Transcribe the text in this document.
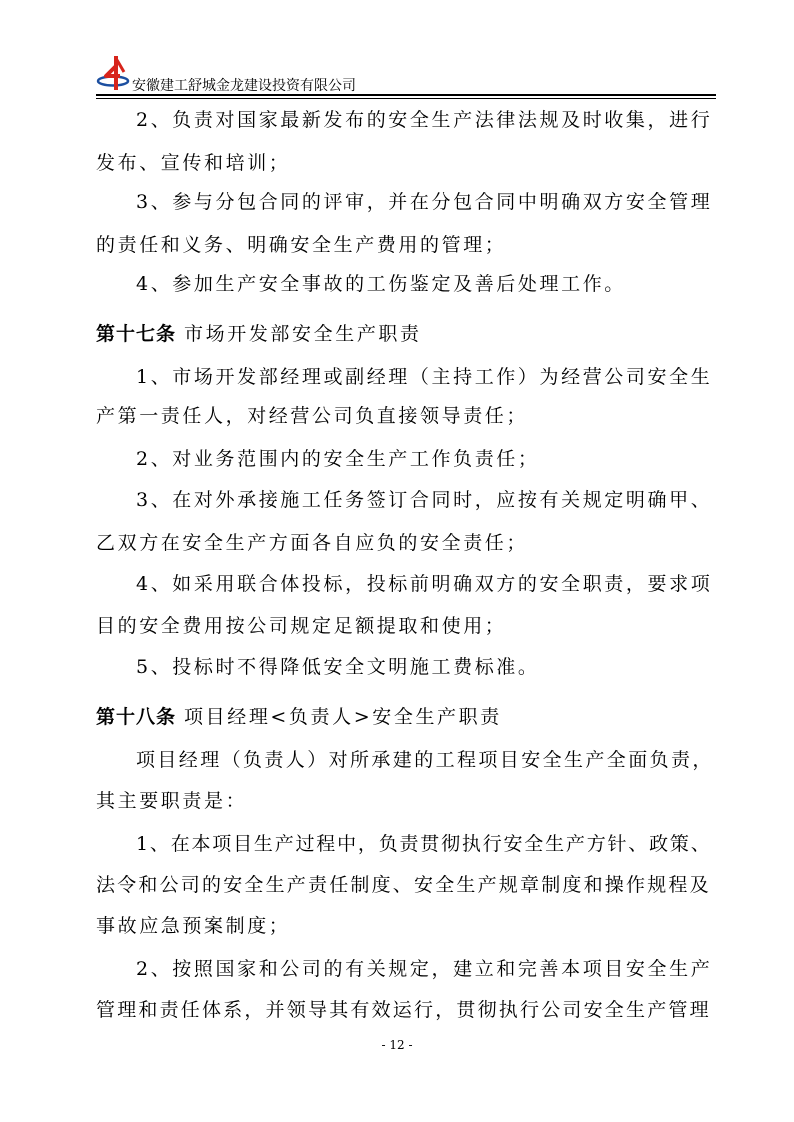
安徽建工舒城金龙建设投资有限公司
2、负责对国家最新发布的安全生产法律法规及时收集，进行
发布、宣传和培训；
3、参与分包合同的评审，并在分包合同中明确双方安全管理
的责任和义务、明确安全生产费用的管理；
4、参加生产安全事故的工伤鉴定及善后处理工作。
第十七条 市场开发部安全生产职责
1、市场开发部经理或副经理（主持工作）为经营公司安全生
产第一责任人，对经营公司负直接领导责任；
2、对业务范围内的安全生产工作负责任；
3、在对外承接施工任务签订合同时，应按有关规定明确甲、
乙双方在安全生产方面各自应负的安全责任；
4、如采用联合体投标，投标前明确双方的安全职责，要求项
目的安全费用按公司规定足额提取和使用；
5、投标时不得降低安全文明施工费标准。
第十八条 项目经理<负责人>安全生产职责
项目经理（负责人）对所承建的工程项目安全生产全面负责，
其主要职责是：
1、在本项目生产过程中，负责贯彻执行安全生产方针、政策、
法令和公司的安全生产责任制度、安全生产规章制度和操作规程及
事故应急预案制度；
2、按照国家和公司的有关规定，建立和完善本项目安全生产
管理和责任体系，并领导其有效运行，贯彻执行公司安全生产管理
- 12 -
